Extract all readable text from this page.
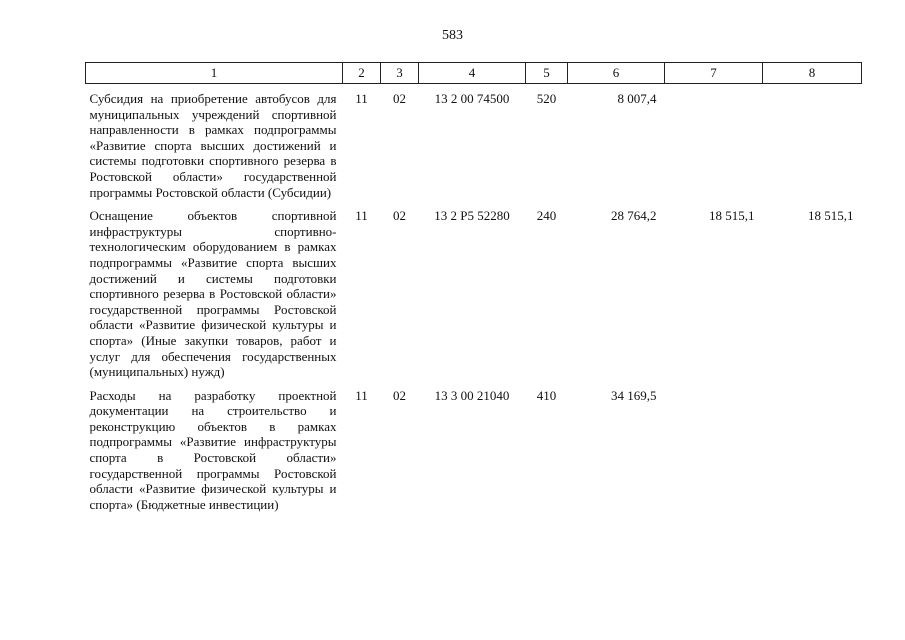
583
1	2	3	4	5	6	7	8
Субсидия на приобретение автобусов для муниципальных учреждений спортивной направленности в рамках подпрограммы «Развитие спорта высших достижений и системы подготовки спортивного резерва в Ростовской области» государственной программы Ростовской области (Субсидии)	11	02	13 2 00 74500	520	8 007,4		
Оснащение объектов спортивной инфраструктуры спортивно-технологическим оборудованием в рамках подпрограммы «Развитие спорта высших достижений и системы подготовки спортивного резерва в Ростовской области» государственной программы Ростовской области «Развитие физической культуры и спорта» (Иные закупки товаров, работ и услуг для обеспечения государственных (муниципальных) нужд)	11	02	13 2 P5 52280	240	28 764,2	18 515,1	18 515,1
Расходы на разработку проектной документации на строительство и реконструкцию объектов в рамках подпрограммы «Развитие инфраструктуры спорта в Ростовской области» государственной программы Ростовской области «Развитие физической культуры и спорта» (Бюджетные инвестиции)	11	02	13 3 00 21040	410	34 169,5		
